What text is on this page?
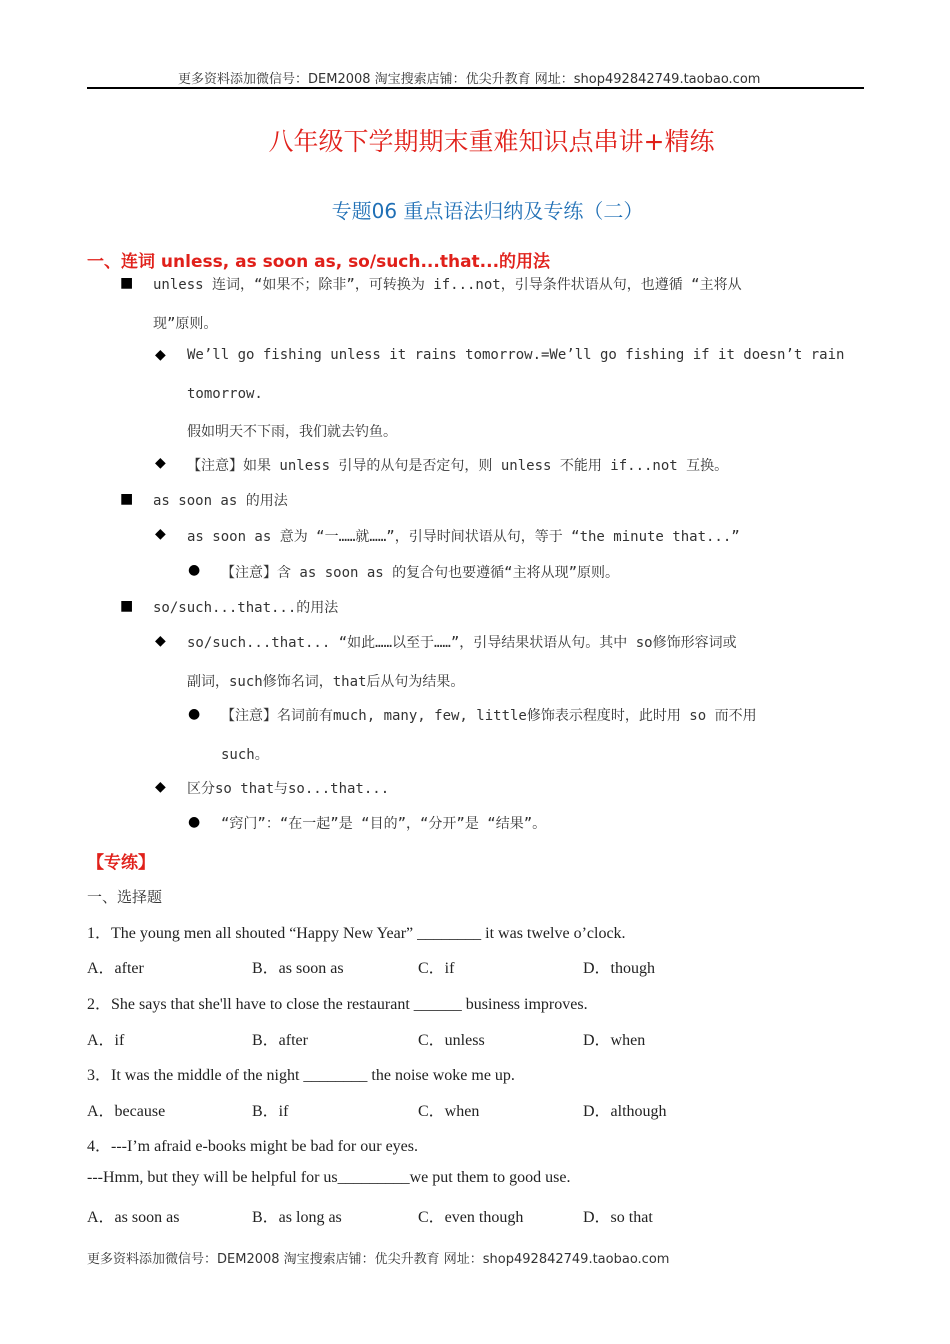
更多资料添加微信号：DEM2008 淘宝搜索店铺：优尖升教育 网址：shop492842749.taobao.com
八年级下学期期末重难知识点串讲+精练
专题06 重点语法归纳及专练（二）
一、连词 unless, as soon as, so/such...that...的用法
■ unless 连词，“如果不；除非”，可转换为 if...not，引导条件状语从句，也遵循 “主将从
现”原则。
◆ We’ll go fishing unless it rains tomorrow.=We’ll go fishing if it doesn’t rain
tomorrow.
假如明天不下雨，我们就去钓鱼。
◆ 【注意】如果 unless 引导的从句是否定句，则 unless 不能用 if...not 互换。
■ as soon as 的用法
◆ as soon as 意为 “一……就……”，引导时间状语从句，等于 “the minute that...”
● 【注意】含 as soon as 的复合句也要遵循“主将从现”原则。
■ so/such...that...的用法
◆ so/such...that... “如此……以至于……”，引导结果状语从句。其中 so修饰形容词或
副词，such修饰名词，that后从句为结果。
● 【注意】名词前有much, many, few, little修饰表示程度时，此时用 so 而不用
such。
◆ 区分so that与so...that...
● “窍门”：“在一起”是 “目的”，“分开”是 “结果”。
【专练】
一、选择题
1．The young men all shouted “Happy New Year” ________ it was twelve o’clock.
A．after	B．as soon as	C．if	D．though
2．She says that she'll have to close the restaurant ______ business improves.
A．if	B．after	C．unless	D．when
3．It was the middle of the night ________ the noise woke me up.
A．because	B．if	C．when	D．although
4．---I’m afraid e-books might be bad for our eyes.
---Hmm, but they will be helpful for us_________we put them to good use.
A．as soon as	B．as long as	C．even though	D．so that
更多资料添加微信号：DEM2008 淘宝搜索店铺：优尖升教育 网址：shop492842749.taobao.com
